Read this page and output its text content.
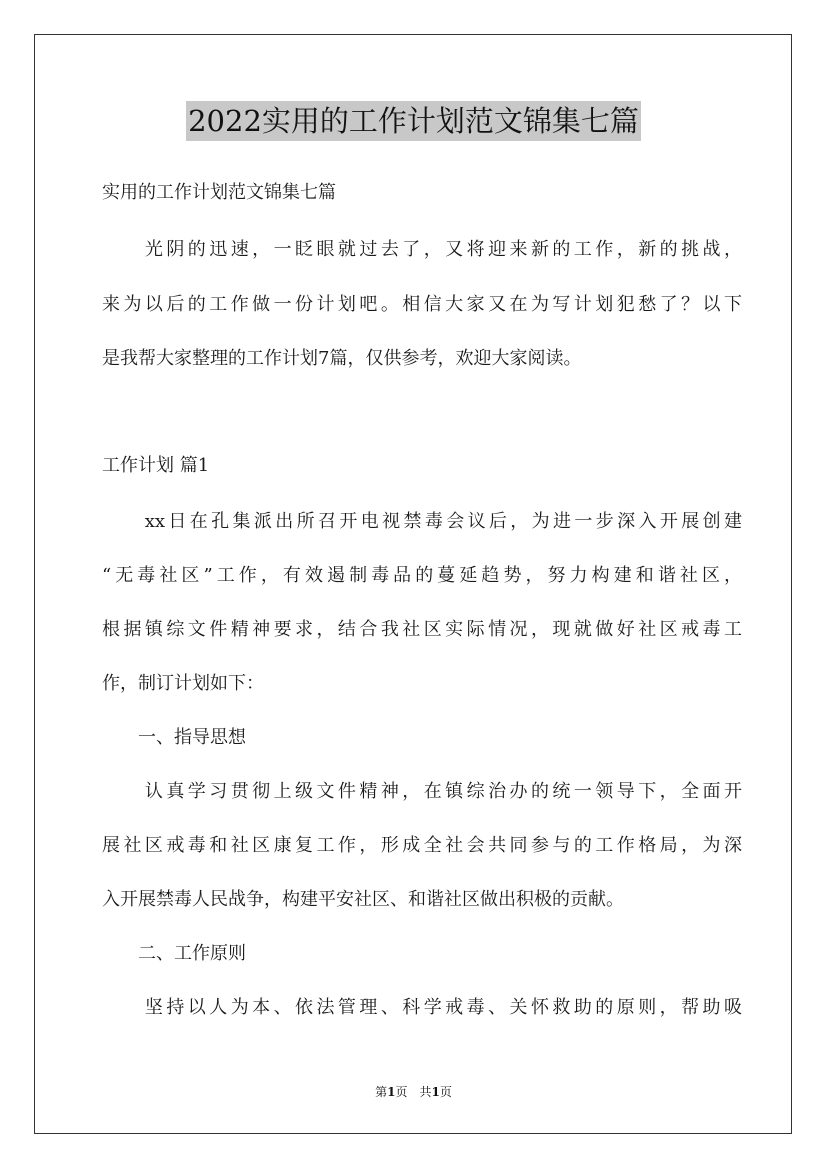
2022实用的工作计划范文锦集七篇
实用的工作计划范文锦集七篇
　　光阴的迅速，一眨眼就过去了，又将迎来新的工作，新的挑战，
来为以后的工作做一份计划吧。相信大家又在为写计划犯愁了？以下
是我帮大家整理的工作计划7篇，仅供参考，欢迎大家阅读。
工作计划 篇1
　　xx日在孔集派出所召开电视禁毒会议后，为进一步深入开展创建
“无毒社区”工作，有效遏制毒品的蔓延趋势，努力构建和谐社区，
根据镇综文件精神要求，结合我社区实际情况，现就做好社区戒毒工
作，制订计划如下：
　　一、指导思想
　　认真学习贯彻上级文件精神，在镇综治办的统一领导下，全面开
展社区戒毒和社区康复工作，形成全社会共同参与的工作格局，为深
入开展禁毒人民战争，构建平安社区、和谐社区做出积极的贡献。
　　二、工作原则
　　坚持以人为本、依法管理、科学戒毒、关怀救助的原则，帮助吸
第1页　共1页
